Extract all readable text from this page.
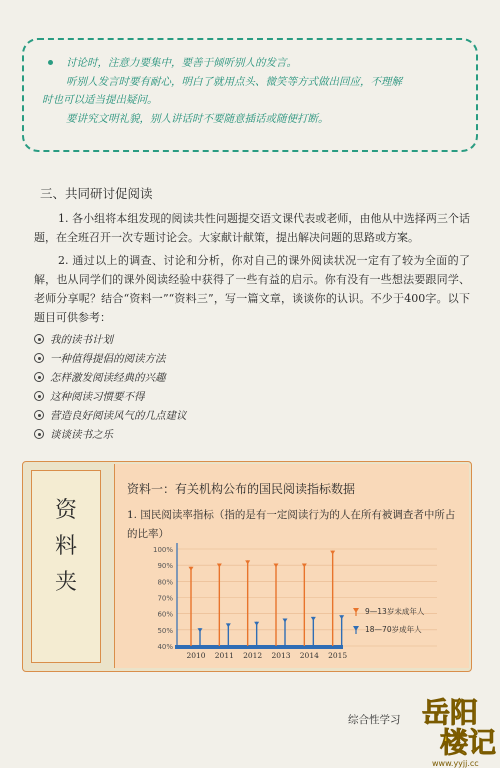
讨论时，注意力要集中，要善于倾听别人的发言。

听别人发言时要有耐心，明白了就用点头、微笑等方式做出回应，不理解

时也可以适当提出疑问。

要讲究文明礼貌，别人讲话时不要随意插话或随便打断。

三、共同研讨促阅读

1. 各小组将本组发现的阅读共性问题提交语文课代表或老师，由他从中选择两三个话题，在全班召开一次专题讨论会。大家献计献策，提出解决问题的思路或方案。

2. 通过以上的调查、讨论和分析，你对自己的课外阅读状况一定有了较为全面的了解，也从同学们的课外阅读经验中获得了一些有益的启示。你有没有一些想法要跟同学、老师分享呢？结合“资料一”“资料三”，写一篇文章，谈谈你的认识。不少于400字。以下题目可供参考：

我的读书计划
一种值得提倡的阅读方法
怎样激发阅读经典的兴趣
这种阅读习惯要不得
营造良好阅读风气的几点建议
谈谈读书之乐
资
料
夹
资料一：有关机构公布的国民阅读指标数据
1. 国民阅读率指标（指的是有一定阅读行为的人在所有被调查者中所占的比率）
40%
50%
60%
70%
80%
90%
100%
2010 2011 2012 2013 2014 2015
9—13岁未成年人
18—70岁成年人
综合性学习 岳阳
楼记
www.yyjj.cc
